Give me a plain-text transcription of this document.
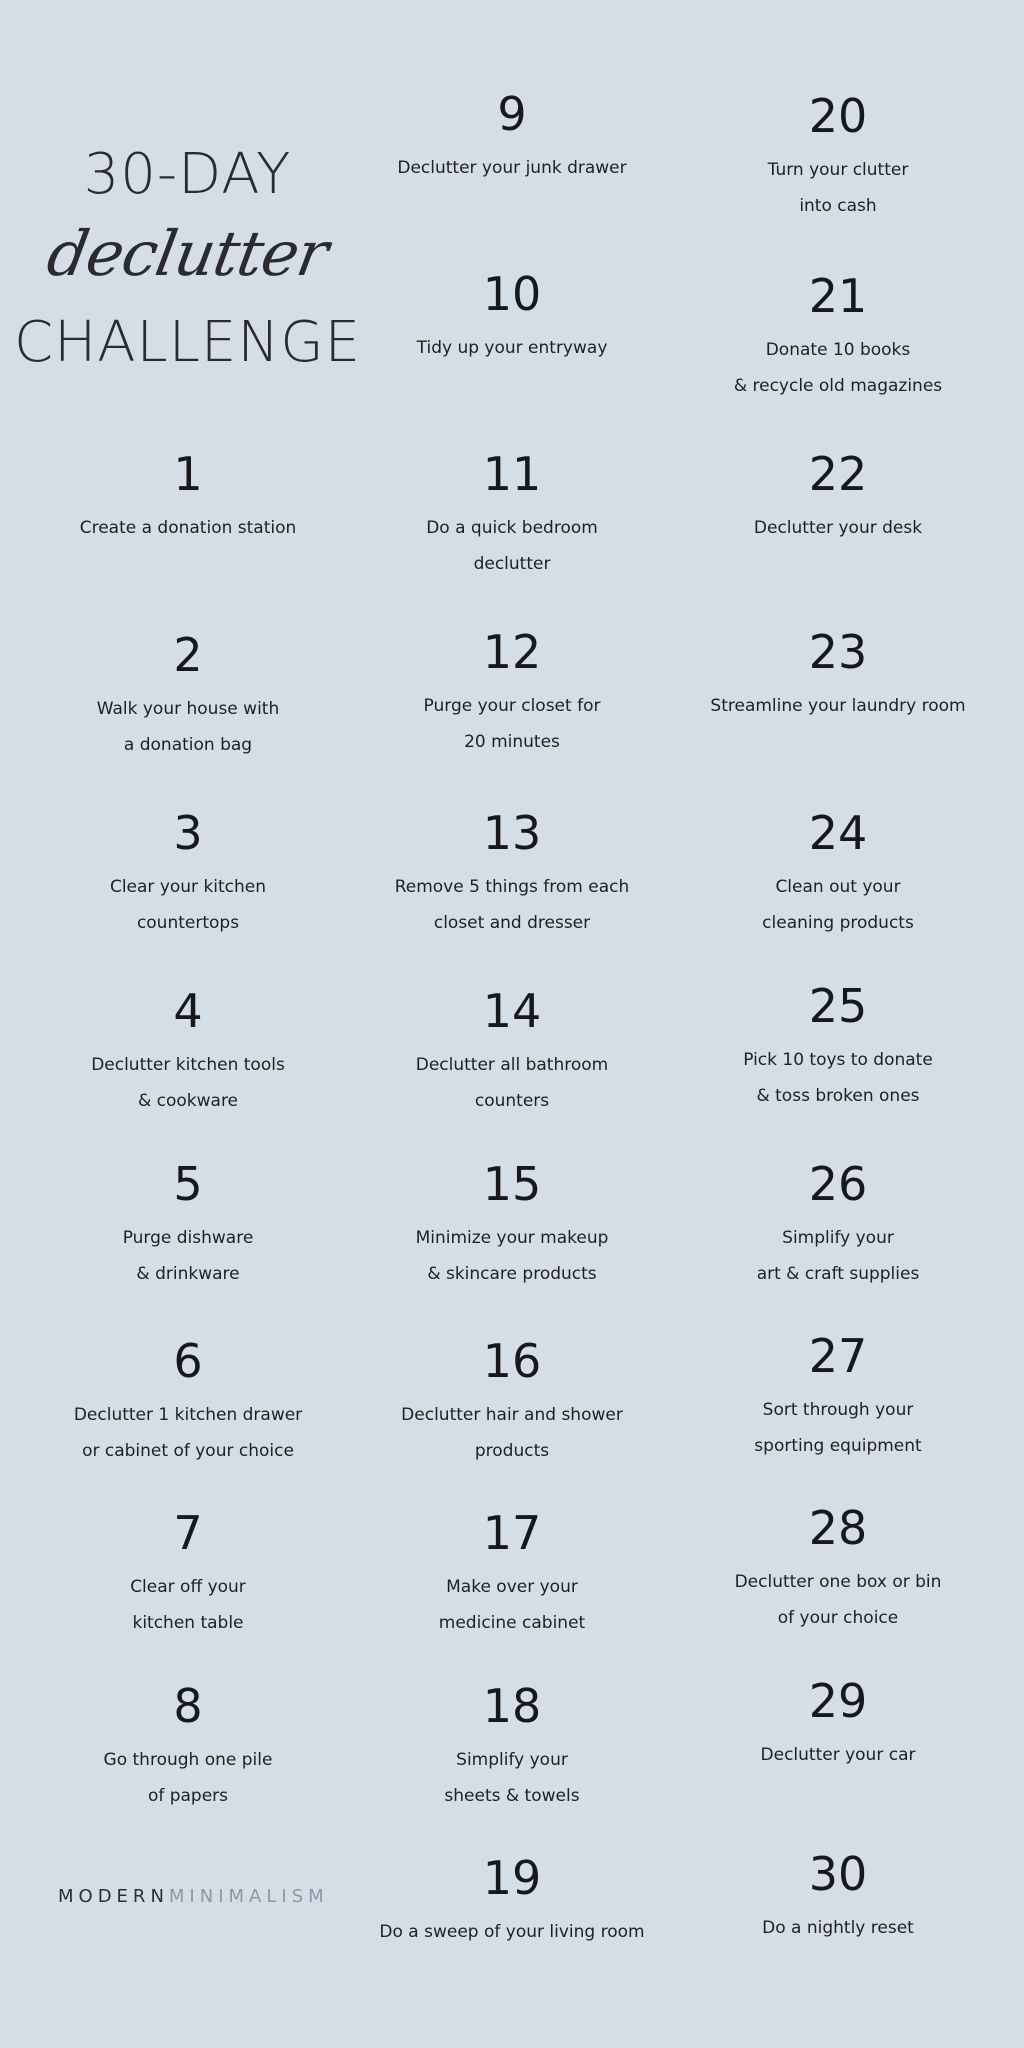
30-DAY
declutter
CHALLENGE
1
Create a donation station
2
Walk your house with
a donation bag
3
Clear your kitchen
countertops
4
Declutter kitchen tools
& cookware
5
Purge dishware
& drinkware
6
Declutter 1 kitchen drawer
or cabinet of your choice
7
Clear off your
kitchen table
8
Go through one pile
of papers
9
Declutter your junk drawer
10
Tidy up your entryway
11
Do a quick bedroom
declutter
12
Purge your closet for
20 minutes
13
Remove 5 things from each
closet and dresser
14
Declutter all bathroom
counters
15
Minimize your makeup
& skincare products
16
Declutter hair and shower
products
17
Make over your
medicine cabinet
18
Simplify your
sheets & towels
19
Do a sweep of your living room
20
Turn your clutter
into cash
21
Donate 10 books
& recycle old magazines
22
Declutter your desk
23
Streamline your laundry room
24
Clean out your
cleaning products
25
Pick 10 toys to donate
& toss broken ones
26
Simplify your
art & craft supplies
27
Sort through your
sporting equipment
28
Declutter one box or bin
of your choice
29
Declutter your car
30
Do a nightly reset
MODERNMINIMALISM
